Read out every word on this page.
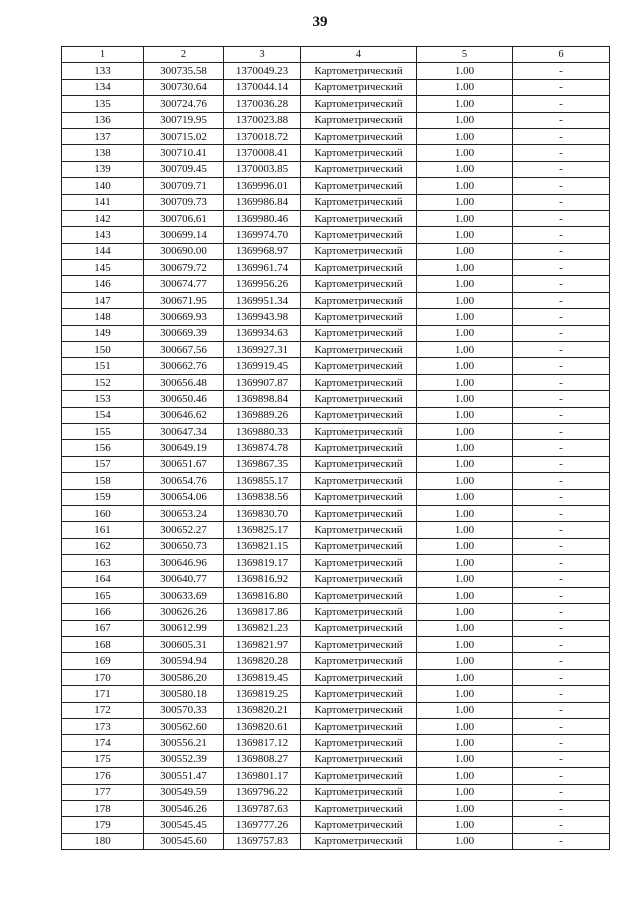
39
1	2	3	4	5	6
133	300735.58	1370049.23	Картометрический	1.00	-
134	300730.64	1370044.14	Картометрический	1.00	-
135	300724.76	1370036.28	Картометрический	1.00	-
136	300719.95	1370023.88	Картометрический	1.00	-
137	300715.02	1370018.72	Картометрический	1.00	-
138	300710.41	1370008.41	Картометрический	1.00	-
139	300709.45	1370003.85	Картометрический	1.00	-
140	300709.71	1369996.01	Картометрический	1.00	-
141	300709.73	1369986.84	Картометрический	1.00	-
142	300706.61	1369980.46	Картометрический	1.00	-
143	300699.14	1369974.70	Картометрический	1.00	-
144	300690.00	1369968.97	Картометрический	1.00	-
145	300679.72	1369961.74	Картометрический	1.00	-
146	300674.77	1369956.26	Картометрический	1.00	-
147	300671.95	1369951.34	Картометрический	1.00	-
148	300669.93	1369943.98	Картометрический	1.00	-
149	300669.39	1369934.63	Картометрический	1.00	-
150	300667.56	1369927.31	Картометрический	1.00	-
151	300662.76	1369919.45	Картометрический	1.00	-
152	300656.48	1369907.87	Картометрический	1.00	-
153	300650.46	1369898.84	Картометрический	1.00	-
154	300646.62	1369889.26	Картометрический	1.00	-
155	300647.34	1369880.33	Картометрический	1.00	-
156	300649.19	1369874.78	Картометрический	1.00	-
157	300651.67	1369867.35	Картометрический	1.00	-
158	300654.76	1369855.17	Картометрический	1.00	-
159	300654.06	1369838.56	Картометрический	1.00	-
160	300653.24	1369830.70	Картометрический	1.00	-
161	300652.27	1369825.17	Картометрический	1.00	-
162	300650.73	1369821.15	Картометрический	1.00	-
163	300646.96	1369819.17	Картометрический	1.00	-
164	300640.77	1369816.92	Картометрический	1.00	-
165	300633.69	1369816.80	Картометрический	1.00	-
166	300626.26	1369817.86	Картометрический	1.00	-
167	300612.99	1369821.23	Картометрический	1.00	-
168	300605.31	1369821.97	Картометрический	1.00	-
169	300594.94	1369820.28	Картометрический	1.00	-
170	300586.20	1369819.45	Картометрический	1.00	-
171	300580.18	1369819.25	Картометрический	1.00	-
172	300570.33	1369820.21	Картометрический	1.00	-
173	300562.60	1369820.61	Картометрический	1.00	-
174	300556.21	1369817.12	Картометрический	1.00	-
175	300552.39	1369808.27	Картометрический	1.00	-
176	300551.47	1369801.17	Картометрический	1.00	-
177	300549.59	1369796.22	Картометрический	1.00	-
178	300546.26	1369787.63	Картометрический	1.00	-
179	300545.45	1369777.26	Картометрический	1.00	-
180	300545.60	1369757.83	Картометрический	1.00	-
